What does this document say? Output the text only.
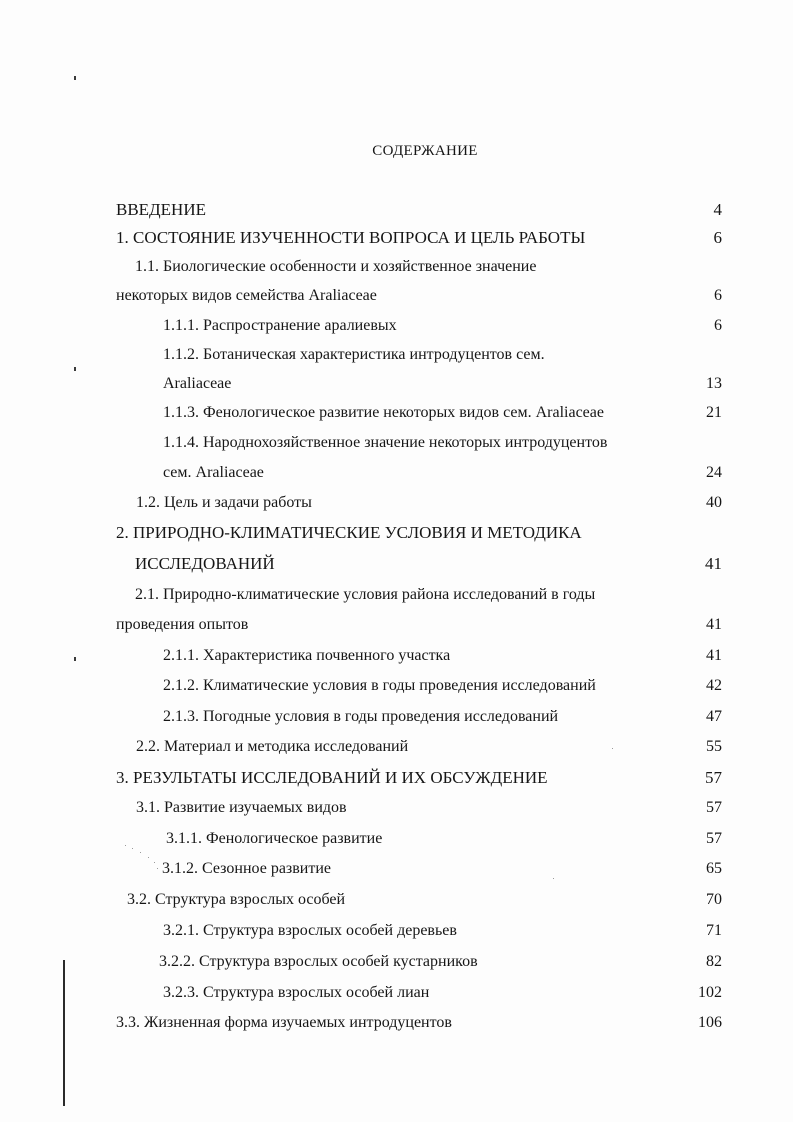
СОДЕРЖАНИЕ
ВВЕДЕНИЕ	4
1. СОСТОЯНИЕ ИЗУЧЕННОСТИ ВОПРОСА И ЦЕЛЬ РАБОТЫ	6
1.1. Биологические особенности и хозяйственное значение
некоторых видов семейства Araliaceae	6
1.1.1. Распространение аралиевых	6
1.1.2. Ботаническая характеристика интродуцентов сем.
Araliaceae	13
1.1.3. Фенологическое развитие некоторых видов сем. Araliaceae	21
1.1.4. Народнохозяйственное значение некоторых интродуцентов
сем. Araliaceae	24
1.2. Цель и задачи работы	40
2. ПРИРОДНО-КЛИМАТИЧЕСКИЕ УСЛОВИЯ И МЕТОДИКА
ИССЛЕДОВАНИЙ	41
2.1. Природно-климатические условия района исследований в годы
проведения опытов	41
2.1.1. Характеристика почвенного участка	41
2.1.2. Климатические условия в годы проведения исследований	42
2.1.3. Погодные условия в годы проведения исследований	47
2.2. Материал и методика исследований	55
3. РЕЗУЛЬТАТЫ ИССЛЕДОВАНИЙ И ИХ ОБСУЖДЕНИЕ	57
3.1. Развитие изучаемых видов	57
3.1.1. Фенологическое развитие	57
3.1.2. Сезонное развитие	65
3.2. Структура взрослых особей	70
3.2.1. Структура взрослых особей деревьев	71
3.2.2. Структура взрослых особей кустарников	82
3.2.3. Структура взрослых особей лиан	102
3.3. Жизненная форма изучаемых интродуцентов	106
